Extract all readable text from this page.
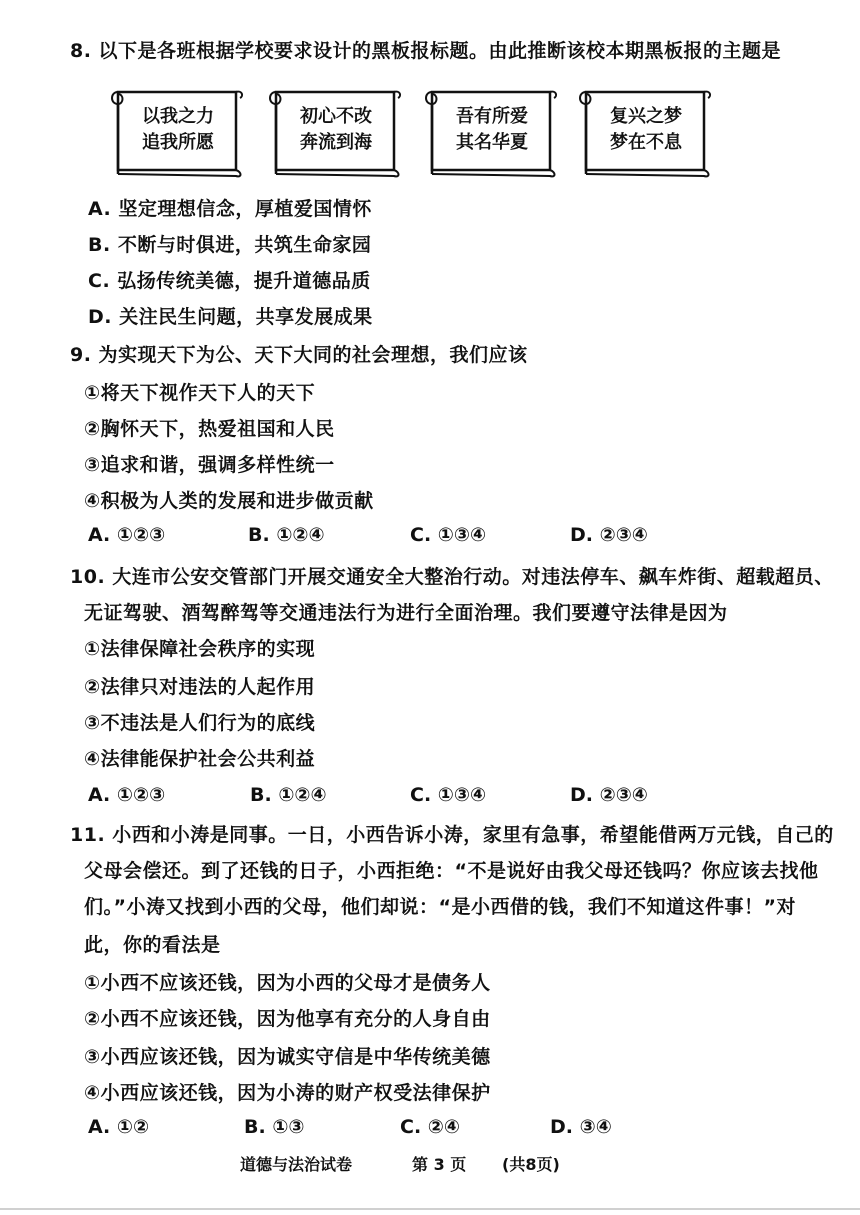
8. 以下是各班根据学校要求设计的黑板报标题。由此推断该校本期黑板报的主题是
以我之力
追我所愿
初心不改
奔流到海
吾有所爱
其名华夏
复兴之梦
梦在不息
A. 坚定理想信念，厚植爱国情怀
B. 不断与时俱进，共筑生命家园
C. 弘扬传统美德，提升道德品质
D. 关注民生问题，共享发展成果
9. 为实现天下为公、天下大同的社会理想，我们应该
①将天下视作天下人的天下
②胸怀天下，热爱祖国和人民
③追求和谐，强调多样性统一
④积极为人类的发展和进步做贡献
A. ①②③	B. ①②④	C. ①③④	D. ②③④
10. 大连市公安交管部门开展交通安全大整治行动。对违法停车、飙车炸街、超载超员、
无证驾驶、酒驾醉驾等交通违法行为进行全面治理。我们要遵守法律是因为
①法律保障社会秩序的实现
②法律只对违法的人起作用
③不违法是人们行为的底线
④法律能保护社会公共利益
A. ①②③	B. ①②④	C. ①③④	D. ②③④
11. 小西和小涛是同事。一日，小西告诉小涛，家里有急事，希望能借两万元钱，自己的
父母会偿还。到了还钱的日子，小西拒绝：“不是说好由我父母还钱吗？你应该去找他
们。”小涛又找到小西的父母，他们却说：“是小西借的钱，我们不知道这件事！”对
此，你的看法是
①小西不应该还钱，因为小西的父母才是债务人
②小西不应该还钱，因为他享有充分的人身自由
③小西应该还钱，因为诚实守信是中华传统美德
④小西应该还钱，因为小涛的财产权受法律保护
A. ①②	B. ①③	C. ②④	D. ③④
道德与法治试卷	第 3 页 (共8页)
